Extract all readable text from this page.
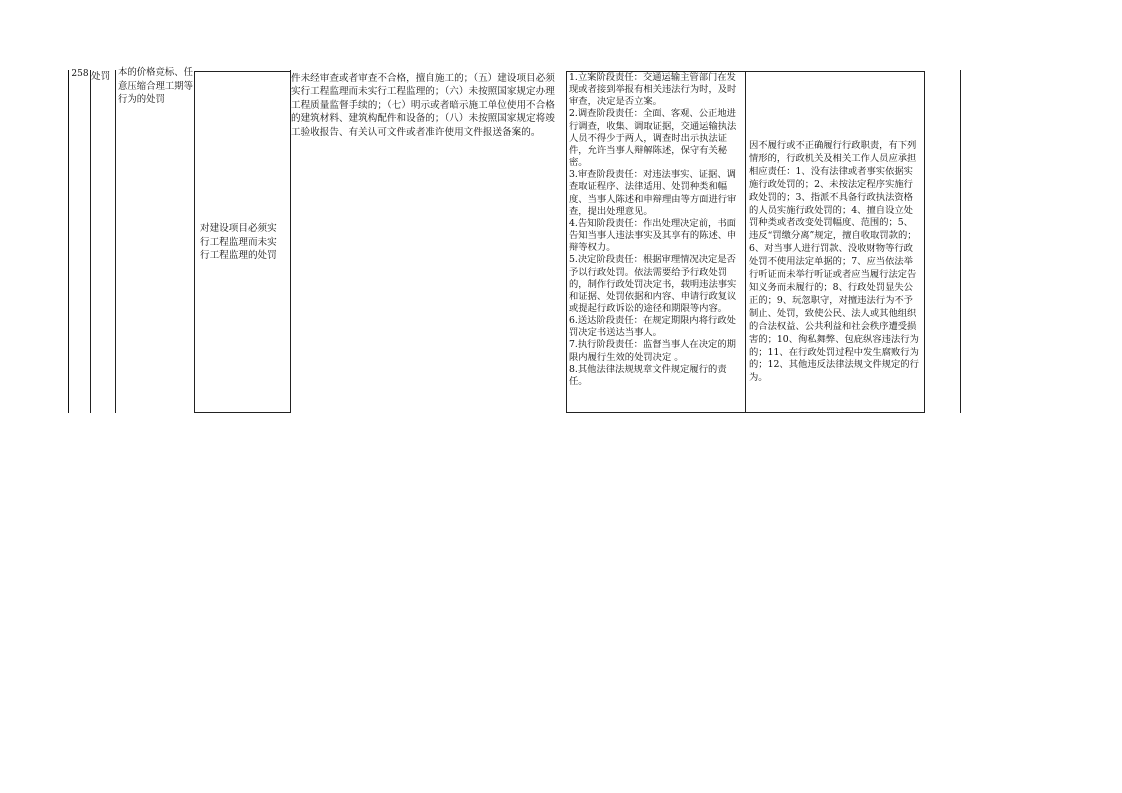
258 处罚 本的价格竞标、任意压缩合理工期等行为的处罚
对建设项目必须实行工程监理而未实行工程监理的处罚
件未经审查或者审查不合格，擅自施工的；（五）建设项目必须实行工程监理而未实行工程监理的；（六）未按照国家规定办理工程质量监督手续的；（七）明示或者暗示施工单位使用不合格的建筑材料、建筑构配件和设备的；（八）未按照国家规定将竣工验收报告、有关认可文件或者准许使用文件报送备案的。
1.立案阶段责任：交通运输主管部门在发现或者接到举报有相关违法行为时，及时审查，决定是否立案。
2.调查阶段责任：全面、客观、公正地进行调查，收集、调取证据，交通运输执法人员不得少于两人，调查时出示执法证件，允许当事人辩解陈述，保守有关秘密。
3.审查阶段责任：对违法事实、证据、调查取证程序、法律适用、处罚种类和幅度、当事人陈述和申辩理由等方面进行审查，提出处理意见。
4.告知阶段责任：作出处理决定前，书面告知当事人违法事实及其享有的陈述、申辩等权力。
5.决定阶段责任：根据审理情况决定是否予以行政处罚。依法需要给予行政处罚的，制作行政处罚决定书，载明违法事实和证据、处罚依据和内容、申请行政复议或提起行政诉讼的途径和期限等内容。
6.送达阶段责任：在规定期限内将行政处罚决定书送达当事人。
7.执行阶段责任：监督当事人在决定的期限内履行生效的处罚决定 。
8.其他法律法规规章文件规定履行的责任。
因不履行或不正确履行行政职责，有下列情形的，行政机关及相关工作人员应承担相应责任：1、没有法律或者事实依据实施行政处罚的；2、未按法定程序实施行政处罚的；3、指派不具备行政执法资格的人员实施行政处罚的；4、擅自设立处罚种类或者改变处罚幅度、范围的；5、违反“罚缴分离”规定，擅自收取罚款的；6、对当事人进行罚款、没收财物等行政处罚不使用法定单据的；7、应当依法举行听证而未举行听证或者应当履行法定告知义务而未履行的；8、行政处罚显失公正的；9、玩忽职守，对擅违法行为不予制止、处罚，致使公民、法人或其他组织的合法权益、公共利益和社会秩序遭受损害的；10、徇私舞弊、包庇纵容违法行为的；11、在行政处罚过程中发生腐败行为的；12、其他违反法律法规文件规定的行为。
